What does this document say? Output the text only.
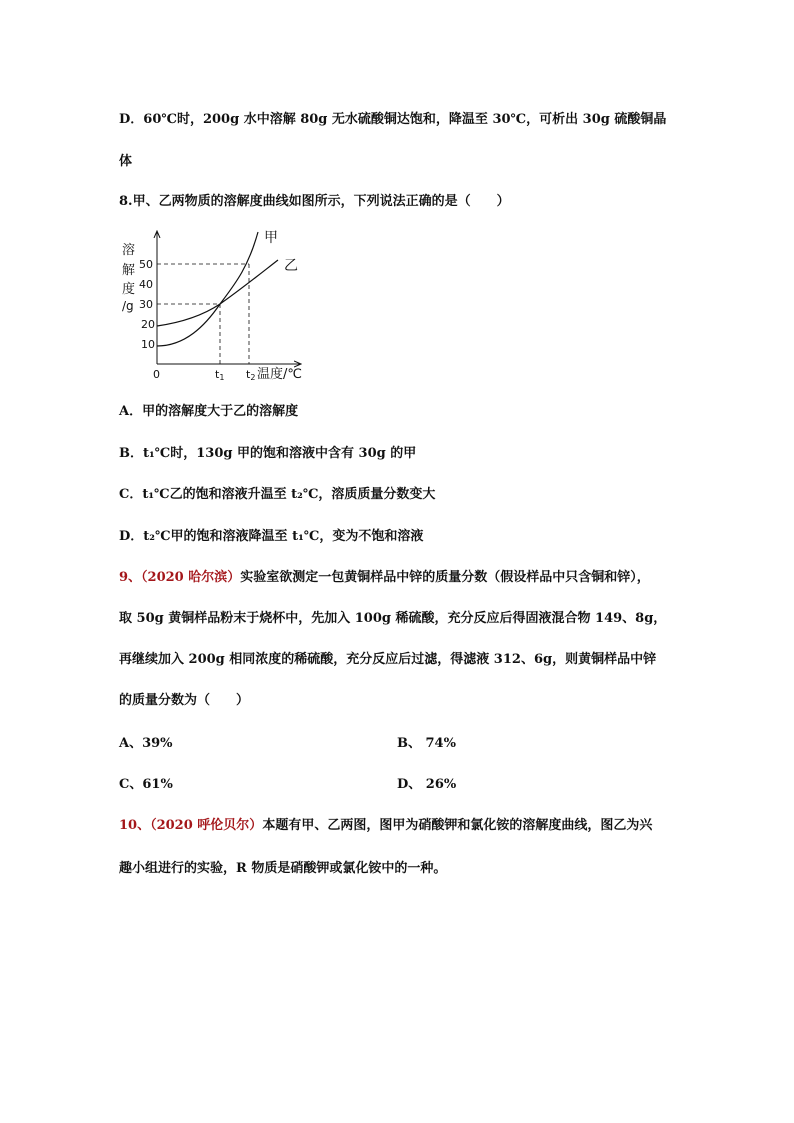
D．60℃时，200g 水中溶解 80g 无水硫酸铜达饱和，降温至 30℃，可析出 30g 硫酸铜晶
体
8.甲、乙两物质的溶解度曲线如图所示，下列说法正确的是（　　）
溶
解
度
/g
50
40
30
20
10
0	t1 t2 温度/℃
甲
乙
A．甲的溶解度大于乙的溶解度
B．t₁℃时，130g 甲的饱和溶液中含有 30g 的甲
C．t₁℃乙的饱和溶液升温至 t₂℃，溶质质量分数变大
D．t₂℃甲的饱和溶液降温至 t₁℃，变为不饱和溶液
9、（2020 哈尔滨）实验室欲测定一包黄铜样品中锌的质量分数（假设样品中只含铜和锌），
取 50g 黄铜样品粉末于烧杯中，先加入 100g 稀硫酸，充分反应后得固液混合物 149、8g，
再继续加入 200g 相同浓度的稀硫酸，充分反应后过滤，得滤液 312、6g，则黄铜样品中锌
的质量分数为（　　）
A、39%	B、 74%
C、61%	D、 26%
10、（2020 呼伦贝尔）本题有甲、乙两图，图甲为硝酸钾和氯化铵的溶解度曲线，图乙为兴
趣小组进行的实验，R 物质是硝酸钾或氯化铵中的一种。
